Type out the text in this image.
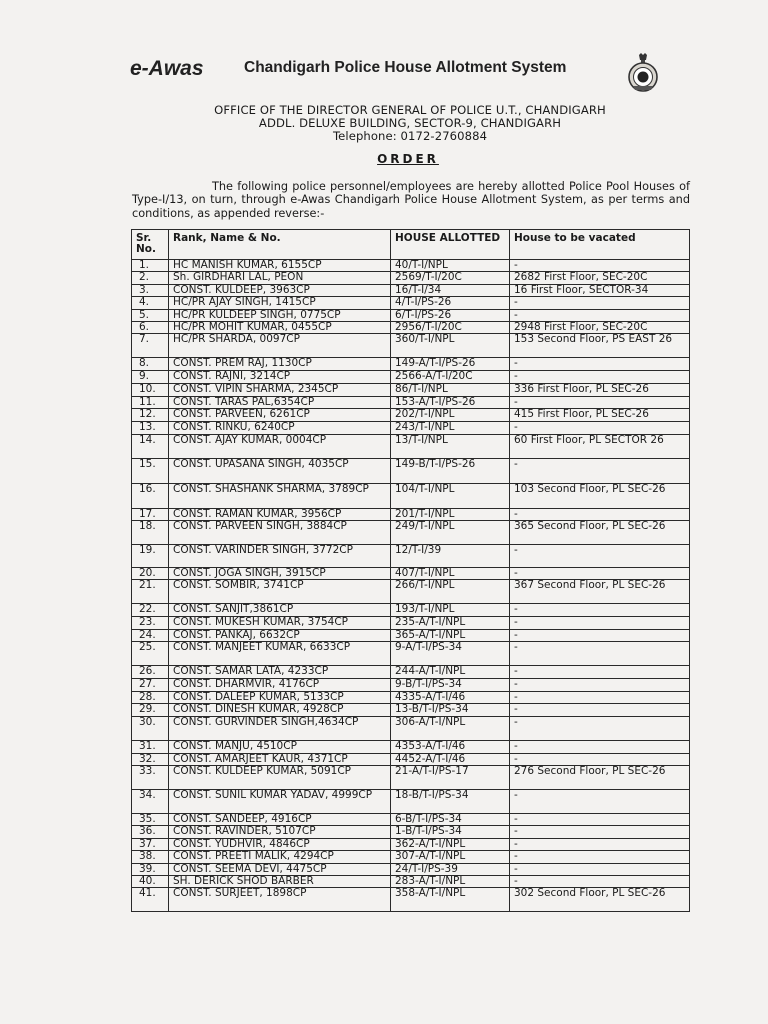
e-Awas	Chandigarh Police House Allotment System
OFFICE OF THE DIRECTOR GENERAL OF POLICE U.T., CHANDIGARH
ADDL. DELUXE BUILDING, SECTOR-9, CHANDIGARH
Telephone: 0172-2760884
ORDER
The following police personnel/employees are hereby allotted Police Pool Houses of Type-I/13, on turn, through e-Awas Chandigarh Police House Allotment System, as per terms and conditions, as appended reverse:-
Sr. No.	Rank, Name & No.	HOUSE ALLOTTED	House to be vacated
1.	HC MANISH KUMAR, 6155CP	40/T-I/NPL	-
2.	Sh. GIRDHARI LAL, PEON	2569/T-I/20C	2682 First Floor, SEC-20C
3.	CONST. KULDEEP, 3963CP	16/T-I/34	16 First Floor, SECTOR-34
4.	HC/PR AJAY SINGH, 1415CP	4/T-I/PS-26	-
5.	HC/PR KULDEEP SINGH, 0775CP	6/T-I/PS-26	-
6.	HC/PR MOHIT KUMAR, 0455CP	2956/T-I/20C	2948 First Floor, SEC-20C
7.	HC/PR SHARDA, 0097CP	360/T-I/NPL	153 Second Floor, PS EAST 26
8.	CONST. PREM RAJ, 1130CP	149-A/T-I/PS-26	-
9.	CONST. RAJNI, 3214CP	2566-A/T-I/20C	-
10.	CONST. VIPIN SHARMA, 2345CP	86/T-I/NPL	336 First Floor, PL SEC-26
11.	CONST. TARAS PAL,6354CP	153-A/T-I/PS-26	-
12.	CONST. PARVEEN, 6261CP	202/T-I/NPL	415 First Floor, PL SEC-26
13.	CONST. RINKU, 6240CP	243/T-I/NPL	-
14.	CONST. AJAY KUMAR, 0004CP	13/T-I/NPL	60 First Floor, PL SECTOR 26
15.	CONST. UPASANA SINGH, 4035CP	149-B/T-I/PS-26	-
16.	CONST. SHASHANK SHARMA, 3789CP	104/T-I/NPL	103 Second Floor, PL SEC-26
17.	CONST. RAMAN KUMAR, 3956CP	201/T-I/NPL	-
18.	CONST. PARVEEN SINGH, 3884CP	249/T-I/NPL	365 Second Floor, PL SEC-26
19.	CONST. VARINDER SINGH, 3772CP	12/T-I/39	-
20.	CONST. JOGA SINGH, 3915CP	407/T-I/NPL	-
21.	CONST. SOMBIR, 3741CP	266/T-I/NPL	367 Second Floor, PL SEC-26
22.	CONST. SANJIT,3861CP	193/T-I/NPL	-
23.	CONST. MUKESH KUMAR, 3754CP	235-A/T-I/NPL	-
24.	CONST. PANKAJ, 6632CP	365-A/T-I/NPL	-
25.	CONST. MANJEET KUMAR, 6633CP	9-A/T-I/PS-34	-
26.	CONST. SAMAR LATA, 4233CP	244-A/T-I/NPL	-
27.	CONST. DHARMVIR, 4176CP	9-B/T-I/PS-34	-
28.	CONST. DALEEP KUMAR, 5133CP	4335-A/T-I/46	-
29.	CONST. DINESH KUMAR, 4928CP	13-B/T-I/PS-34	-
30.	CONST. GURVINDER SINGH,4634CP	306-A/T-I/NPL	-
31.	CONST. MANJU, 4510CP	4353-A/T-I/46	-
32.	CONST. AMARJEET KAUR, 4371CP	4452-A/T-I/46	-
33.	CONST. KULDEEP KUMAR, 5091CP	21-A/T-I/PS-17	276 Second Floor, PL SEC-26
34.	CONST. SUNIL KUMAR YADAV, 4999CP	18-B/T-I/PS-34	-
35.	CONST. SANDEEP, 4916CP	6-B/T-I/PS-34	-
36.	CONST. RAVINDER, 5107CP	1-B/T-I/PS-34	-
37.	CONST. YUDHVIR, 4846CP	362-A/T-I/NPL	-
38.	CONST. PREETI MALIK, 4294CP	307-A/T-I/NPL	-
39.	CONST. SEEMA DEVI, 4475CP	24/T-I/PS-39	-
40.	SH. DERICK SHOD BARBER	283-A/T-I/NPL	-
41.	CONST. SURJEET, 1898CP	358-A/T-I/NPL	302 Second Floor, PL SEC-26
